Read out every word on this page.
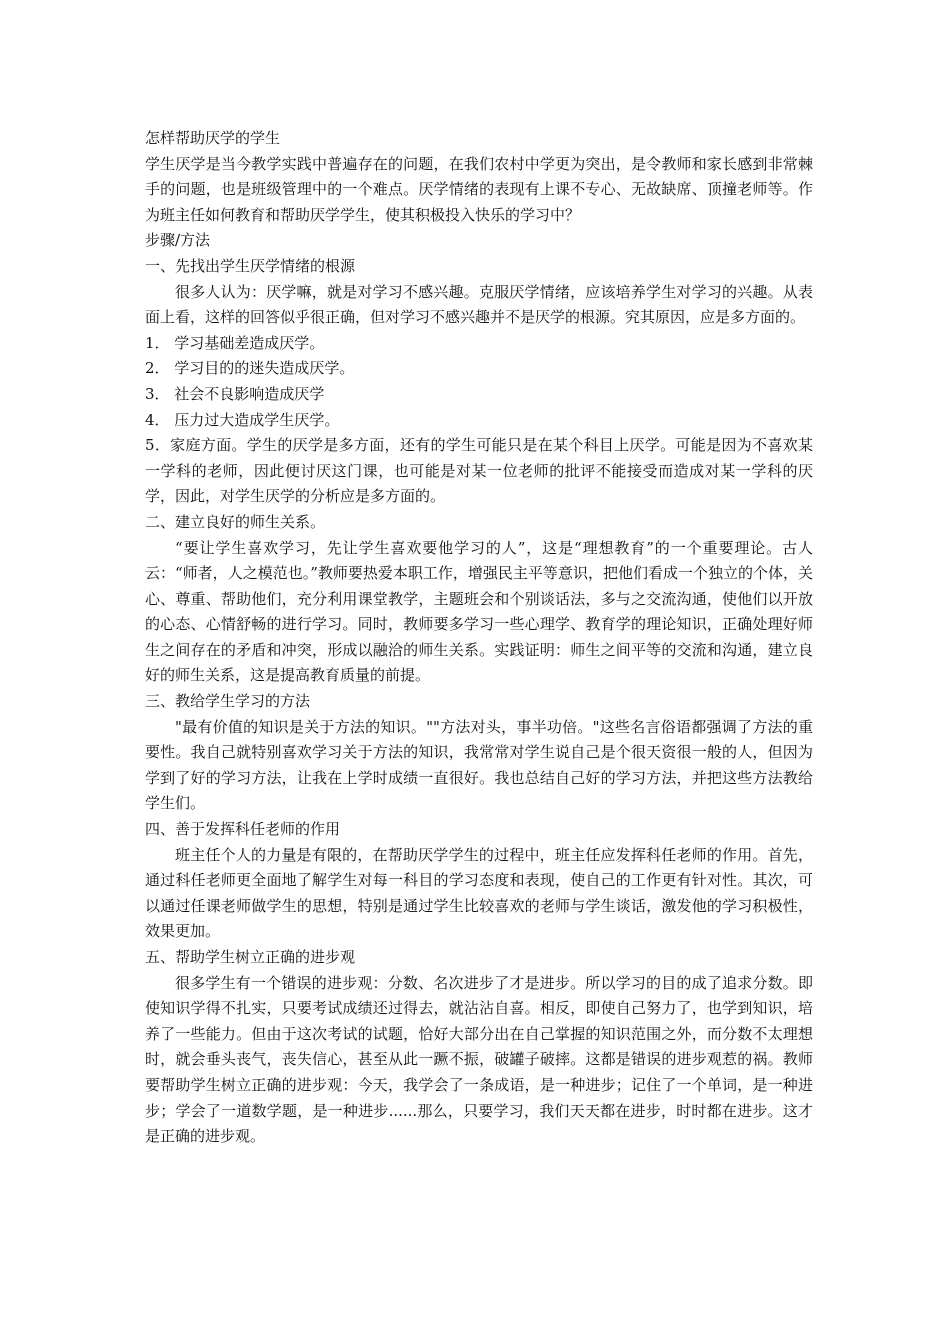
怎样帮助厌学的学生

学生厌学是当今教学实践中普遍存在的问题，在我们农村中学更为突出，是令教师和家长感到非常棘手的问题，也是班级管理中的一个难点。厌学情绪的表现有上课不专心、无故缺席、顶撞老师等。作为班主任如何教育和帮助厌学学生，使其积极投入快乐的学习中？

步骤/方法

一、先找出学生厌学情绪的根源

很多人认为：厌学嘛，就是对学习不感兴趣。克服厌学情绪，应该培养学生对学习的兴趣。从表面上看，这样的回答似乎很正确，但对学习不感兴趣并不是厌学的根源。究其原因，应是多方面的。

1． 学习基础差造成厌学。

2． 学习目的的迷失造成厌学。

3． 社会不良影响造成厌学

4． 压力过大造成学生厌学。

5．家庭方面。学生的厌学是多方面，还有的学生可能只是在某个科目上厌学。可能是因为不喜欢某一学科的老师，因此便讨厌这门课，也可能是对某一位老师的批评不能接受而造成对某一学科的厌学，因此，对学生厌学的分析应是多方面的。

二、建立良好的师生关系。

“要让学生喜欢学习，先让学生喜欢要他学习的人”，这是“理想教育”的一个重要理论。古人云：“师者，人之模范也。”教师要热爱本职工作，增强民主平等意识，把他们看成一个独立的个体，关心、尊重、帮助他们，充分利用课堂教学，主题班会和个别谈话法，多与之交流沟通，使他们以开放的心态、心情舒畅的进行学习。同时，教师要多学习一些心理学、教育学的理论知识，正确处理好师生之间存在的矛盾和冲突，形成以融洽的师生关系。实践证明：师生之间平等的交流和沟通，建立良好的师生关系，这是提高教育质量的前提。

三、教给学生学习的方法

"最有价值的知识是关于方法的知识。""方法对头，事半功倍。"这些名言俗语都强调了方法的重要性。我自己就特别喜欢学习关于方法的知识，我常常对学生说自己是个很天资很一般的人，但因为学到了好的学习方法，让我在上学时成绩一直很好。我也总结自己好的学习方法，并把这些方法教给学生们。

四、善于发挥科任老师的作用

班主任个人的力量是有限的，在帮助厌学学生的过程中，班主任应发挥科任老师的作用。首先，通过科任老师更全面地了解学生对每一科目的学习态度和表现，使自己的工作更有针对性。其次，可以通过任课老师做学生的思想，特别是通过学生比较喜欢的老师与学生谈话，激发他的学习积极性，效果更加。

五、帮助学生树立正确的进步观

很多学生有一个错误的进步观：分数、名次进步了才是进步。所以学习的目的成了追求分数。即使知识学得不扎实，只要考试成绩还过得去，就沾沾自喜。相反，即使自己努力了，也学到知识，培养了一些能力。但由于这次考试的试题，恰好大部分出在自己掌握的知识范围之外，而分数不太理想时，就会垂头丧气，丧失信心，甚至从此一蹶不振，破罐子破摔。这都是错误的进步观惹的祸。教师要帮助学生树立正确的进步观：今天，我学会了一条成语，是一种进步；记住了一个单词，是一种进步；学会了一道数学题，是一种进步......那么，只要学习，我们天天都在进步，时时都在进步。这才是正确的进步观。
